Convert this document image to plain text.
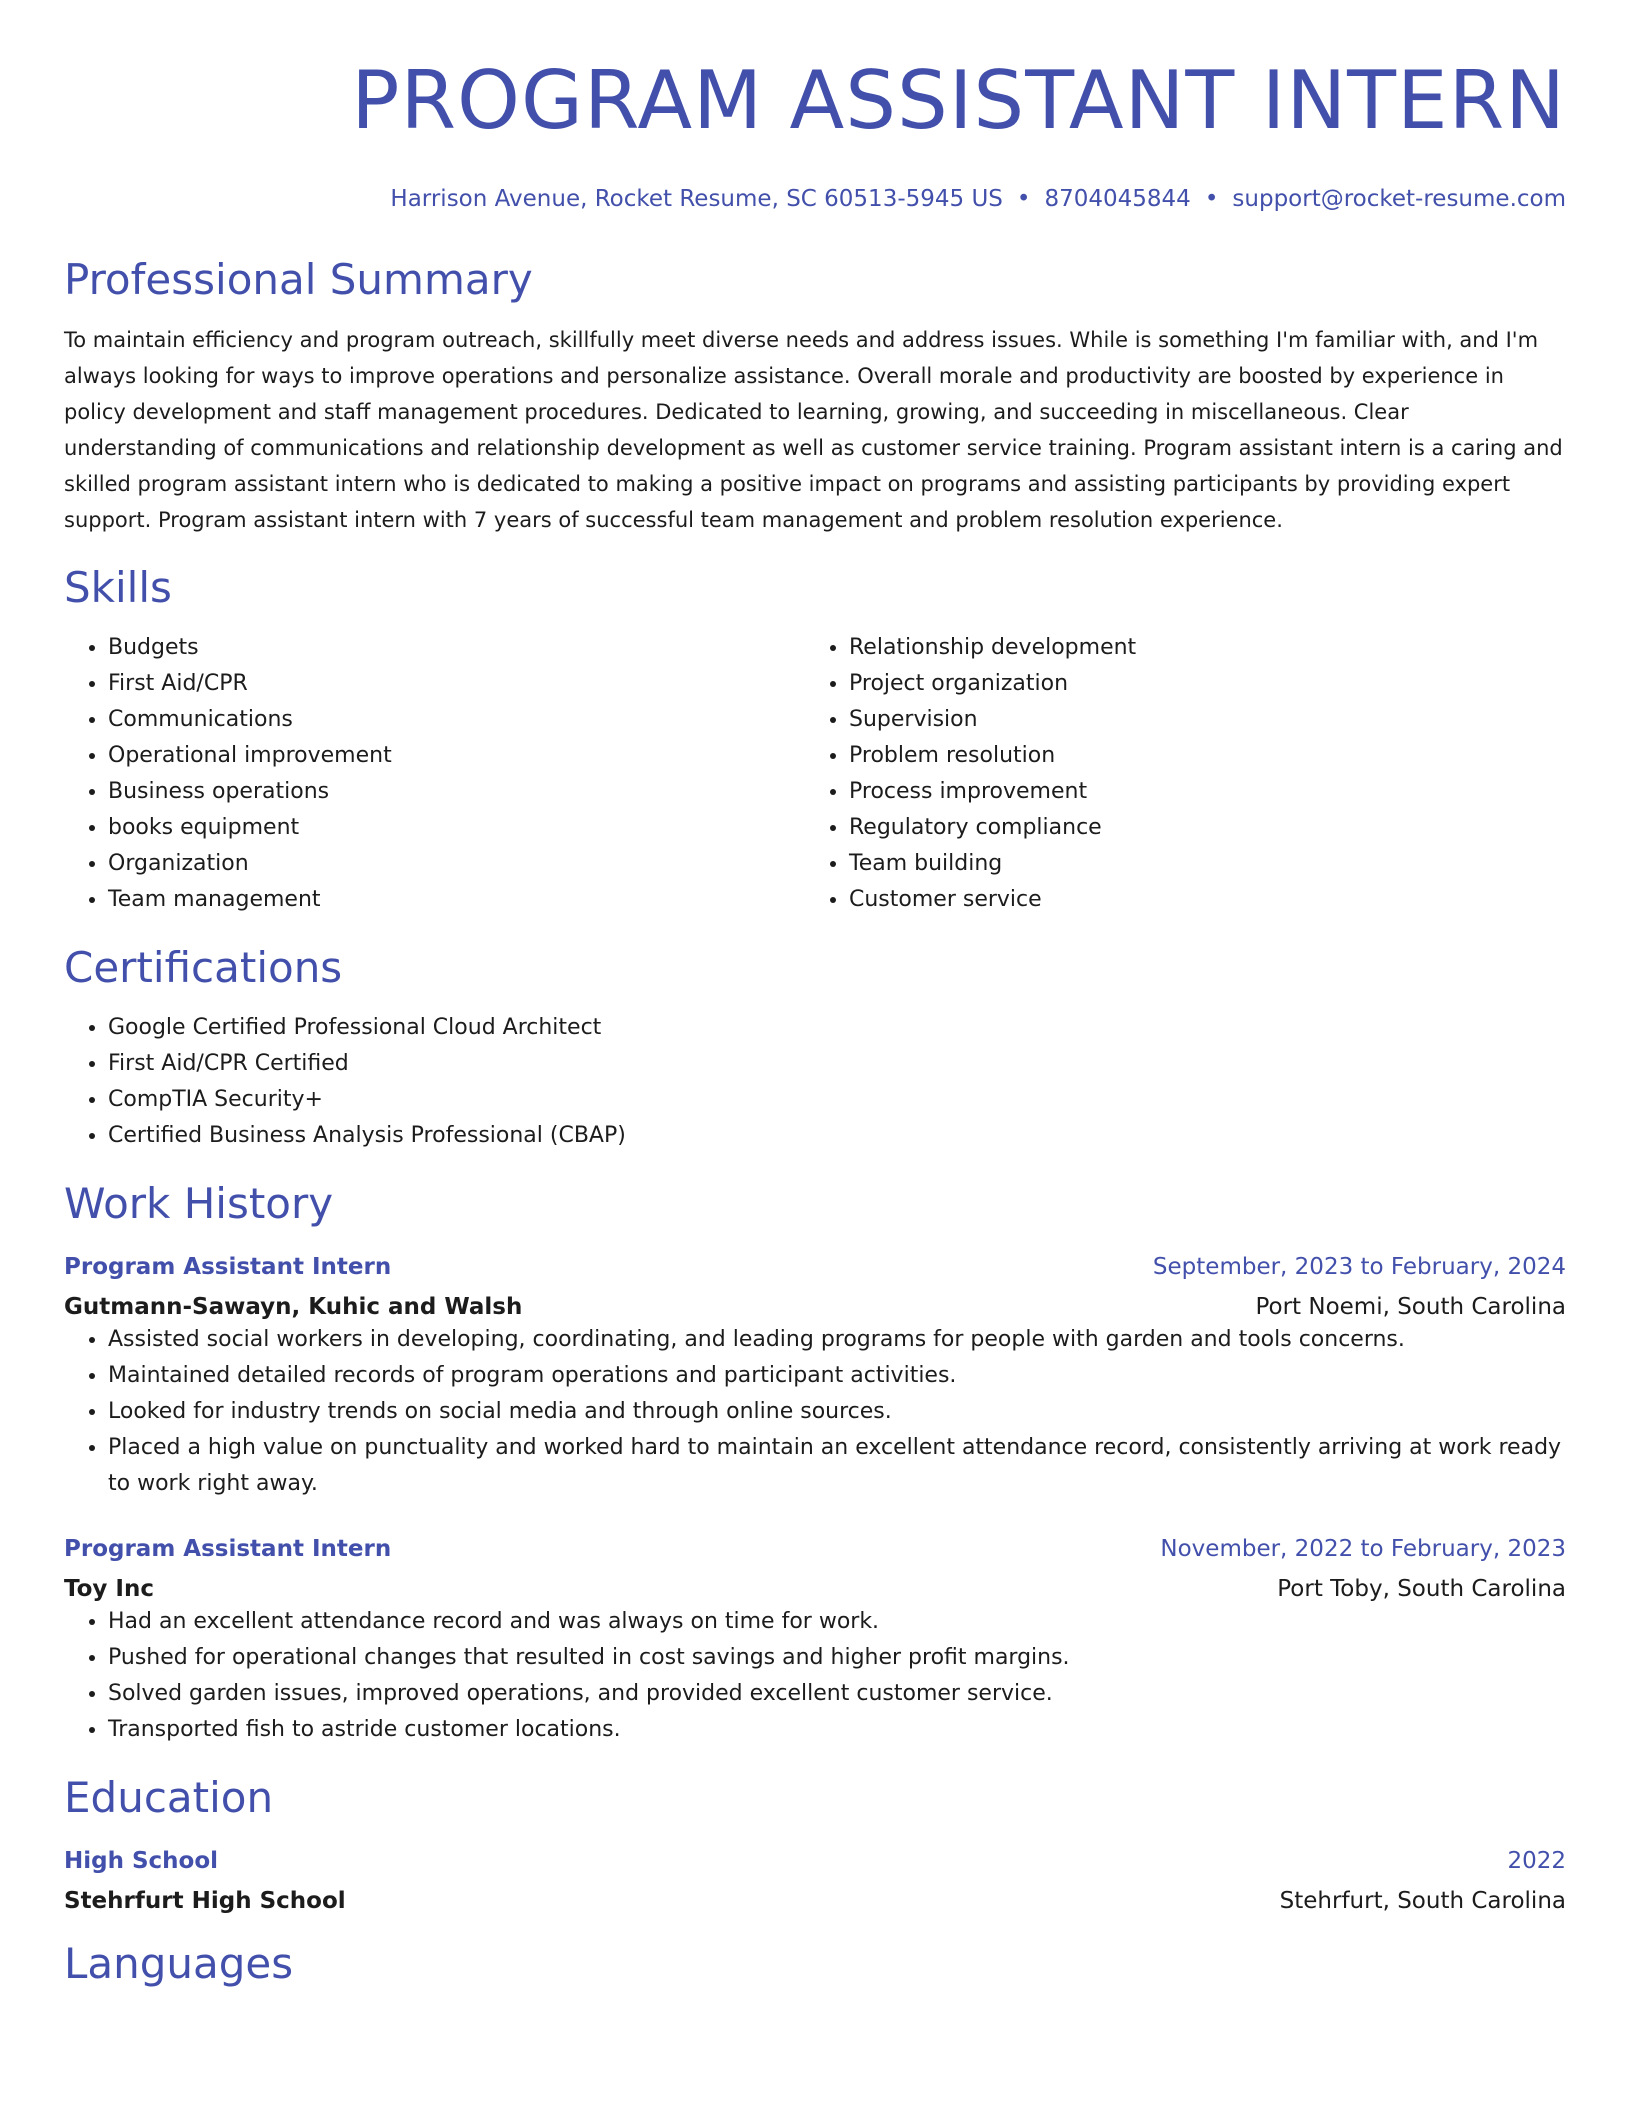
PROGRAM ASSISTANT INTERN
Harrison Avenue, Rocket Resume, SC 60513-5945 US • 8704045844 • support@rocket-resume.com
Professional Summary
To maintain efficiency and program outreach, skillfully meet diverse needs and address issues. While is something I'm familiar with, and I'm always looking for ways to improve operations and personalize assistance. Overall morale and productivity are boosted by experience in policy development and staff management procedures. Dedicated to learning, growing, and succeeding in miscellaneous. Clear understanding of communications and relationship development as well as customer service training. Program assistant intern is a caring and skilled program assistant intern who is dedicated to making a positive impact on programs and assisting participants by providing expert support. Program assistant intern with 7 years of successful team management and problem resolution experience.
Skills
• Budgets
• First Aid/CPR
• Communications
• Operational improvement
• Business operations
• books equipment
• Organization
• Team management
• Relationship development
• Project organization
• Supervision
• Problem resolution
• Process improvement
• Regulatory compliance
• Team building
• Customer service
Certifications
• Google Certified Professional Cloud Architect
• First Aid/CPR Certified
• CompTIA Security+
• Certified Business Analysis Professional (CBAP)
Work History
Program Assistant Intern	September, 2023 to February, 2024
Gutmann-Sawayn, Kuhic and Walsh	Port Noemi, South Carolina
• Assisted social workers in developing, coordinating, and leading programs for people with garden and tools concerns.
• Maintained detailed records of program operations and participant activities.
• Looked for industry trends on social media and through online sources.
• Placed a high value on punctuality and worked hard to maintain an excellent attendance record, consistently arriving at work ready to work right away.
Program Assistant Intern	November, 2022 to February, 2023
Toy Inc	Port Toby, South Carolina
• Had an excellent attendance record and was always on time for work.
• Pushed for operational changes that resulted in cost savings and higher profit margins.
• Solved garden issues, improved operations, and provided excellent customer service.
• Transported fish to astride customer locations.
Education
High School	2022
Stehrfurt High School	Stehrfurt, South Carolina
Languages
